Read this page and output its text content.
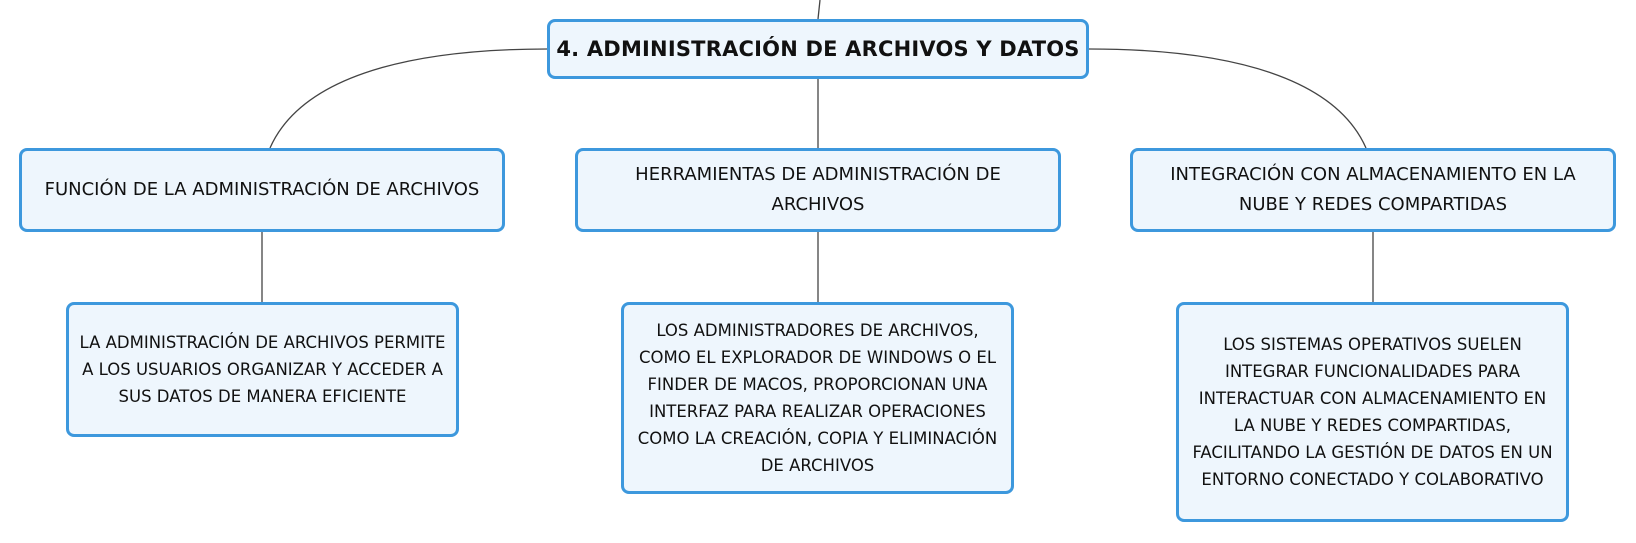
4. ADMINISTRACIÓN DE ARCHIVOS Y DATOS
FUNCIÓN DE LA ADMINISTRACIÓN DE ARCHIVOS
HERRAMIENTAS DE ADMINISTRACIÓN DE ARCHIVOS
INTEGRACIÓN CON ALMACENAMIENTO EN LA NUBE Y REDES COMPARTIDAS
LA ADMINISTRACIÓN DE ARCHIVOS PERMITE A LOS USUARIOS ORGANIZAR Y ACCEDER A SUS DATOS DE MANERA EFICIENTE
LOS ADMINISTRADORES DE ARCHIVOS, COMO EL EXPLORADOR DE WINDOWS O EL FINDER DE MACOS, PROPORCIONAN UNA INTERFAZ PARA REALIZAR OPERACIONES COMO LA CREACIÓN, COPIA Y ELIMINACIÓN DE ARCHIVOS
LOS SISTEMAS OPERATIVOS SUELEN INTEGRAR FUNCIONALIDADES PARA INTERACTUAR CON ALMACENAMIENTO EN LA NUBE Y REDES COMPARTIDAS, FACILITANDO LA GESTIÓN DE DATOS EN UN ENTORNO CONECTADO Y COLABORATIVO
